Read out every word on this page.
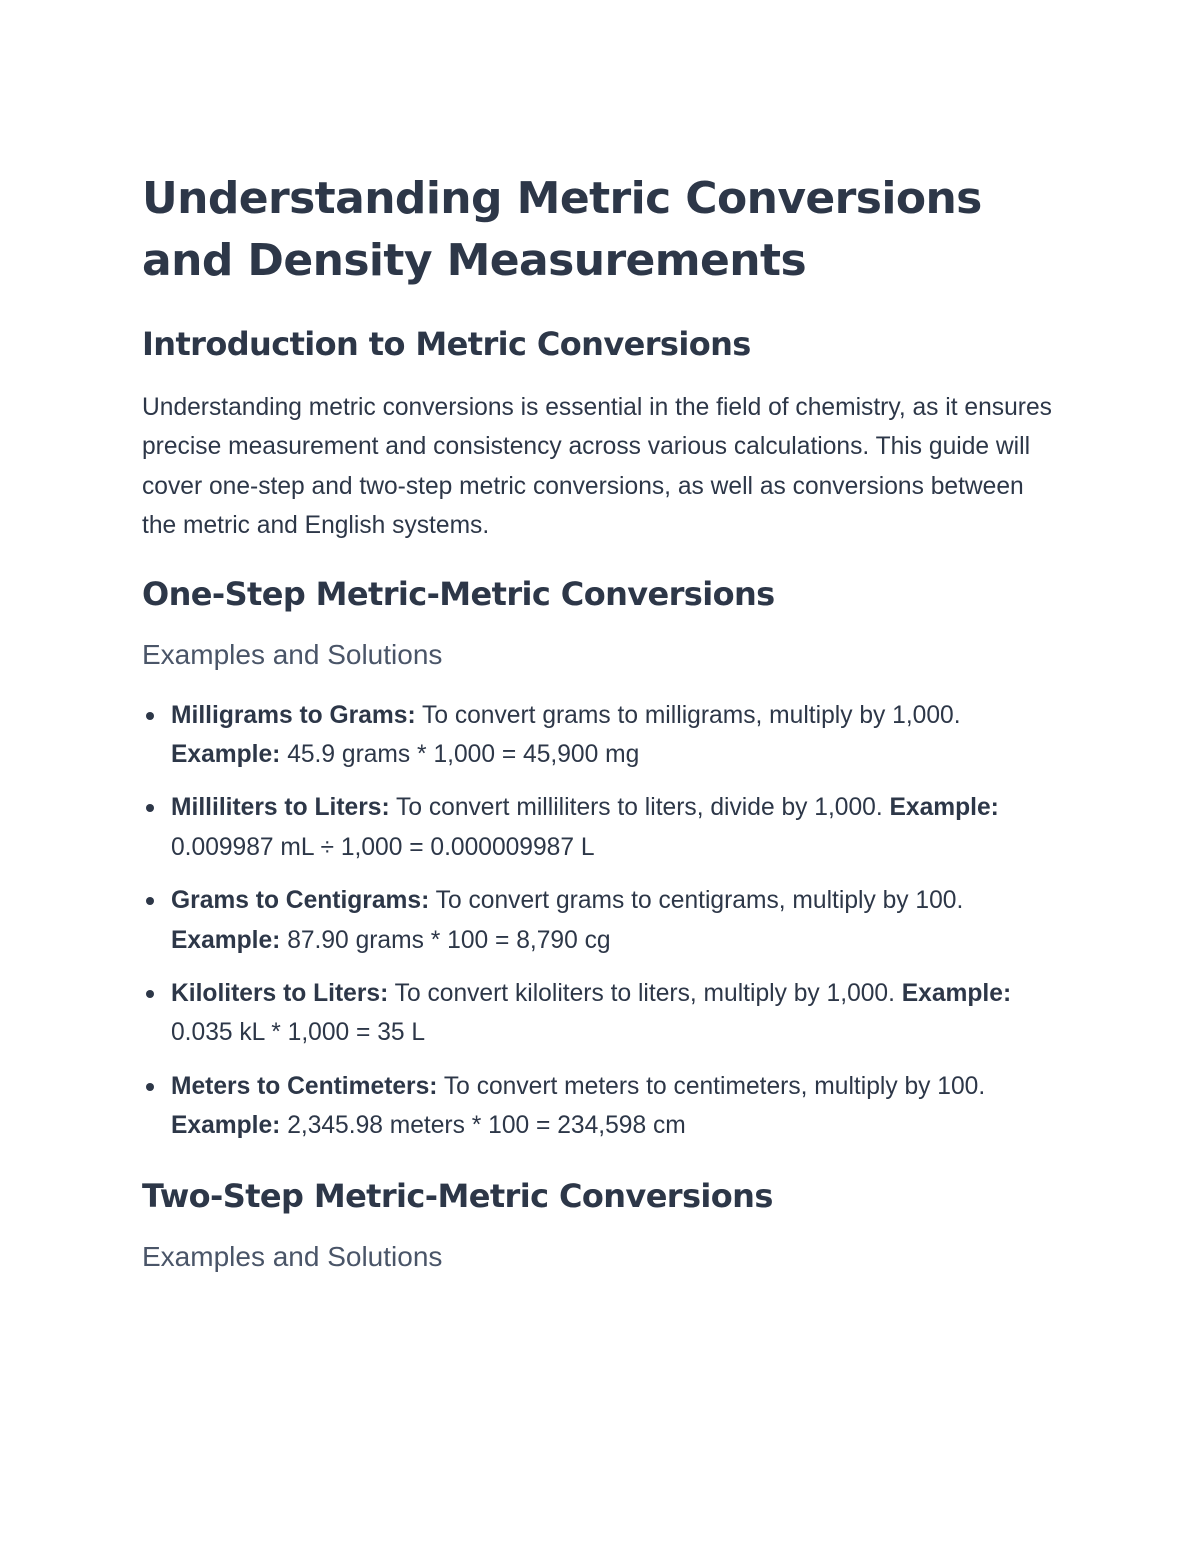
Understanding Metric Conversions and Density Measurements
Introduction to Metric Conversions

Understanding metric conversions is essential in the field of chemistry, as it ensures precise measurement and consistency across various calculations. This guide will cover one-step and two-step metric conversions, as well as conversions between the metric and English systems.

One-Step Metric-Metric Conversions
Examples and Solutions
Milligrams to Grams: To convert grams to milligrams, multiply by 1,000. Example: 45.9 grams * 1,000 = 45,900 mg
Milliliters to Liters: To convert milliliters to liters, divide by 1,000. Example: 0.009987 mL ÷ 1,000 = 0.000009987 L
Grams to Centigrams: To convert grams to centigrams, multiply by 100. Example: 87.90 grams * 100 = 8,790 cg
Kiloliters to Liters: To convert kiloliters to liters, multiply by 1,000. Example: 0.035 kL * 1,000 = 35 L
Meters to Centimeters: To convert meters to centimeters, multiply by 100. Example: 2,345.98 meters * 100 = 234,598 cm
Two-Step Metric-Metric Conversions
Examples and Solutions
